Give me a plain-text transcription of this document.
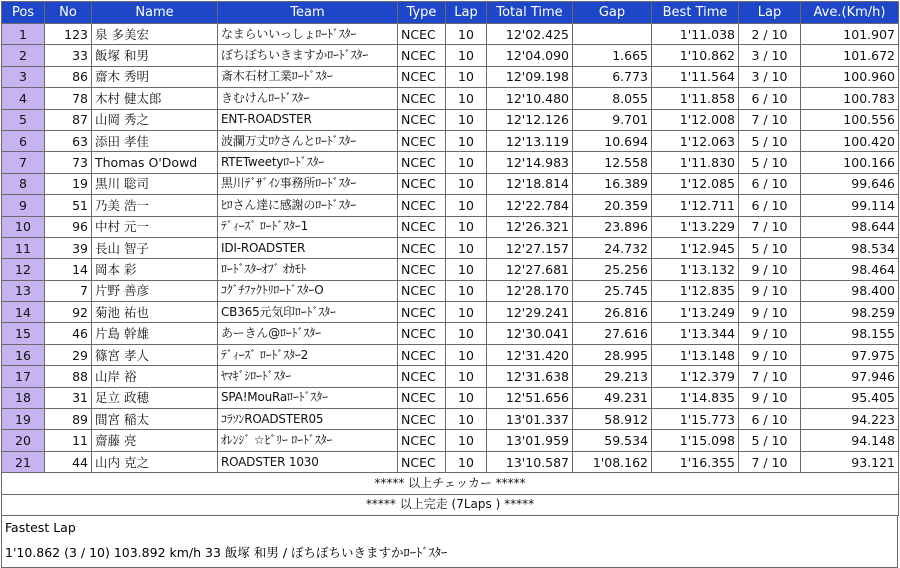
Pos	No	Name	Team	Type	Lap	Total Time	Gap	Best Time	Lap	Ave.(Km/h)
1	123	泉 多美宏	なまらいいっしょﾛｰﾄﾞｽﾀｰ	NCEC	10	12'02.425		1'11.038	2 / 10	101.907
2	33	飯塚 和男	ぼちぼちいきますかﾛｰﾄﾞｽﾀｰ	NCEC	10	12'04.090	1.665	1'10.862	3 / 10	101.672
3	86	齋木 秀明	斎木石材工業ﾛｰﾄﾞｽﾀｰ	NCEC	10	12'09.198	6.773	1'11.564	3 / 10	100.960
4	78	木村 健太郎	きむけんﾛｰﾄﾞｽﾀｰ	NCEC	10	12'10.480	8.055	1'11.858	6 / 10	100.783
5	87	山岡 秀之	ENT-ROADSTER	NCEC	10	12'12.126	9.701	1'12.008	7 / 10	100.556
6	63	添田 孝佳	波瀾万丈ﾛｸさんとﾛｰﾄﾞｽﾀｰ	NCEC	10	12'13.119	10.694	1'12.063	5 / 10	100.420
7	73	Thomas O'Dowd	RTETweetyﾛｰﾄﾞｽﾀｰ	NCEC	10	12'14.983	12.558	1'11.830	5 / 10	100.166
8	19	黒川 聡司	黒川ﾃﾞｻﾞｲﾝ事務所ﾛｰﾄﾞｽﾀｰ	NCEC	10	12'18.814	16.389	1'12.085	6 / 10	99.646
9	51	乃美 浩一	ﾋﾛさん達に感謝のﾛｰﾄﾞｽﾀｰ	NCEC	10	12'22.784	20.359	1'12.711	6 / 10	99.114
10	96	中村 元一	ﾃﾞｨｰｽﾞ ﾛｰﾄﾞｽﾀｰ1	NCEC	10	12'26.321	23.896	1'13.229	7 / 10	98.644
11	39	長山 智子	IDI-ROADSTER	NCEC	10	12'27.157	24.732	1'12.945	5 / 10	98.534
12	14	岡本 彩	ﾛｰﾄﾞｽﾀｰｵﾌﾞ ｵｶﾓﾄ	NCEC	10	12'27.681	25.256	1'13.132	9 / 10	98.464
13	7	片野 善彦	ｺｸﾞﾁﾌｧｸﾄﾘﾛｰﾄﾞｽﾀｰO	NCEC	10	12'28.170	25.745	1'12.835	9 / 10	98.400
14	92	菊池 祐也	CB365元気印ﾛｰﾄﾞｽﾀｰ	NCEC	10	12'29.241	26.816	1'13.249	9 / 10	98.259
15	46	片島 幹雄	あーきん@ﾛｰﾄﾞｽﾀｰ	NCEC	10	12'30.041	27.616	1'13.344	9 / 10	98.155
16	29	篠宮 孝人	ﾃﾞｨｰｽﾞ ﾛｰﾄﾞｽﾀｰ2	NCEC	10	12'31.420	28.995	1'13.148	9 / 10	97.975
17	88	山岸 裕	ﾔﾏｷﾞｼﾛｰﾄﾞｽﾀｰ	NCEC	10	12'31.638	29.213	1'12.379	7 / 10	97.946
18	31	足立 政穂	SPA!MouRaﾛｰﾄﾞｽﾀｰ	NCEC	10	12'51.656	49.231	1'14.835	9 / 10	95.405
19	89	間宮 稲太	ｺﾗｿﾝROADSTER05	NCEC	10	13'01.337	58.912	1'15.773	6 / 10	94.223
20	11	齋藤 亮	ｵﾚﾝｼﾞ ☆ﾋﾞﾘｰ ﾛｰﾄﾞｽﾀｰ	NCEC	10	13'01.959	59.534	1'15.098	5 / 10	94.148
21	44	山内 克之	ROADSTER 1030	NCEC	10	13'10.587	1'08.162	1'16.355	7 / 10	93.121
***** 以上チェッカー *****										
***** 以上完走 (7Laps ) *****										
Fastest Lap
1'10.862 (3 / 10) 103.892 km/h 33 飯塚 和男 / ぼちぼちいきますかﾛｰﾄﾞｽﾀｰ
